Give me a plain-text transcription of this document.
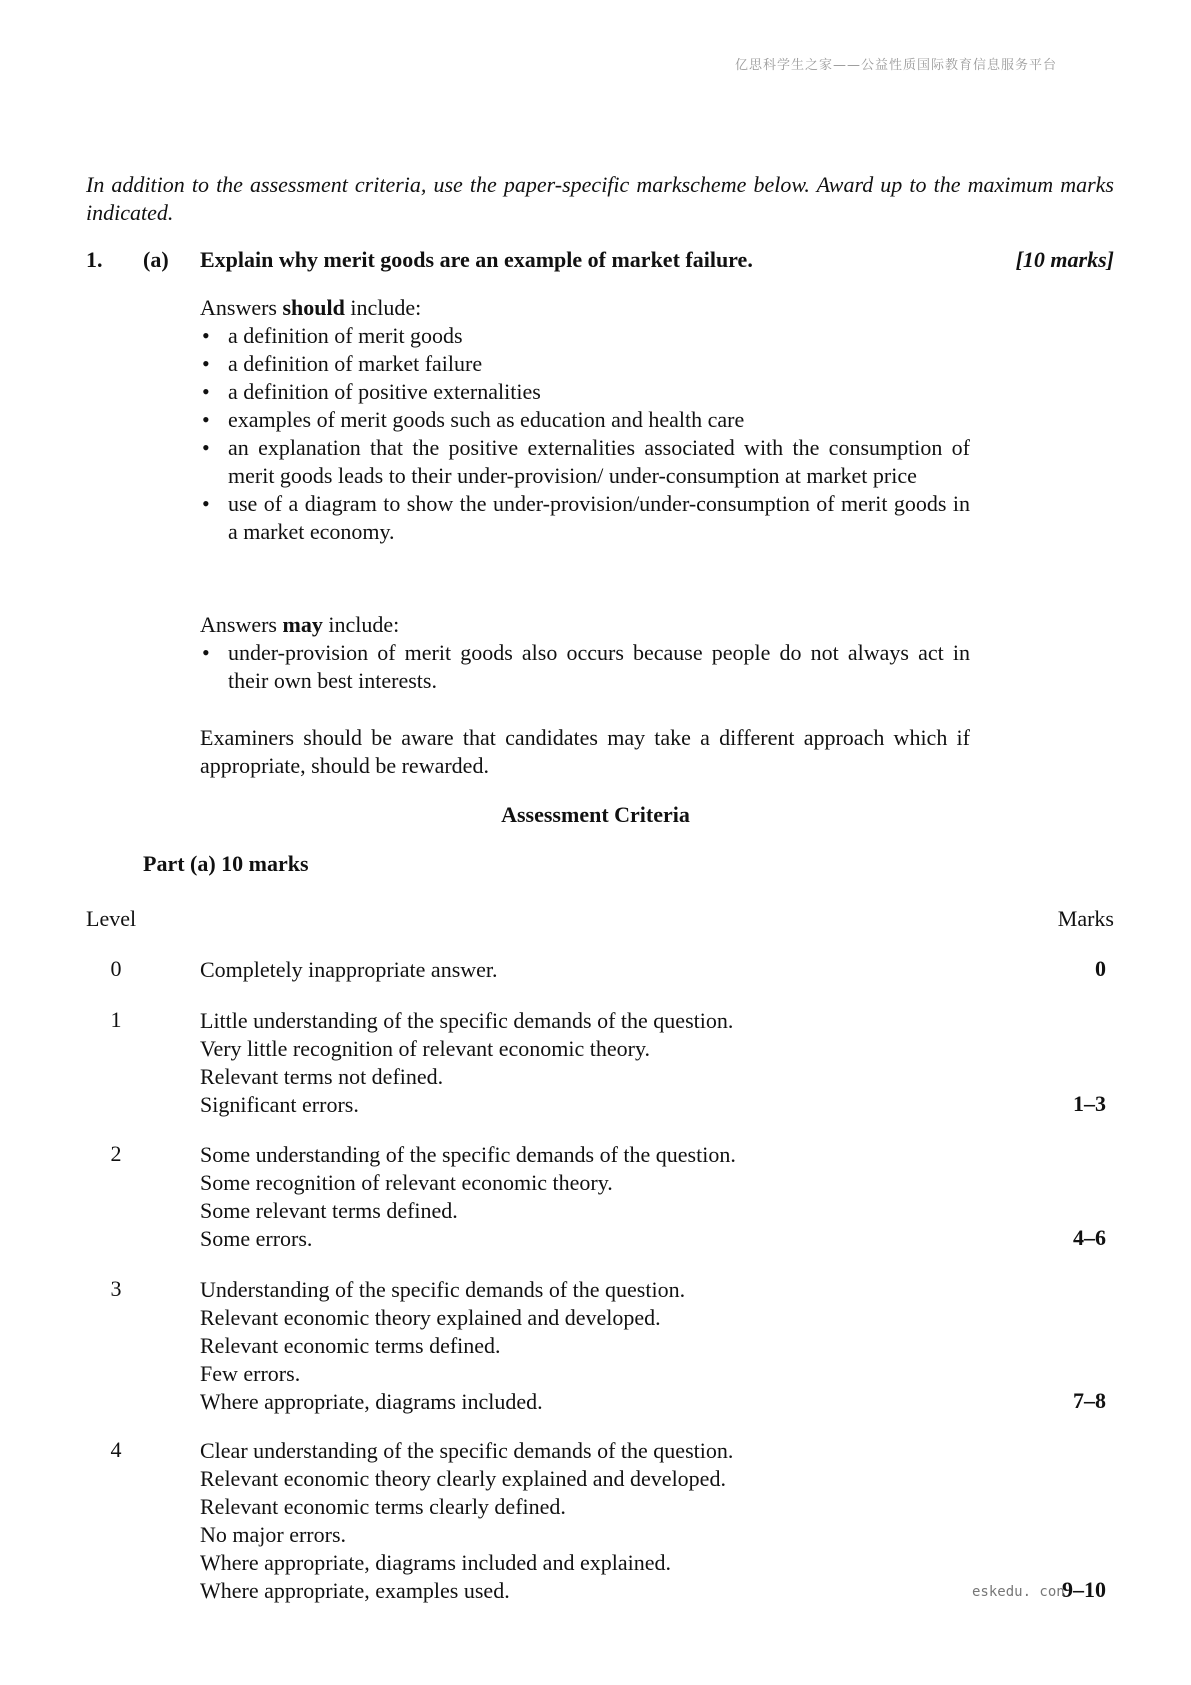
亿思科学生之家——公益性质国际教育信息服务平台
In addition to the assessment criteria, use the paper-specific markscheme below. Award up to the maximum marks indicated.
1. (a) Explain why merit goods are an example of market failure.	[10 marks]
Answers should include:
• a definition of merit goods
• a definition of market failure
• a definition of positive externalities
• examples of merit goods such as education and health care
• an explanation that the positive externalities associated with the consumption of merit goods leads to their under-provision/ under-consumption at market price
• use of a diagram to show the under-provision/under-consumption of merit goods in a market economy.
Answers may include:
• under-provision of merit goods also occurs because people do not always act in their own best interests.
Examiners should be aware that candidates may take a different approach which if appropriate, should be rewarded.
Assessment Criteria
Part (a) 10 marks
Level	Marks
0	Completely inappropriate answer.	0
1	Little understanding of the specific demands of the question.
Very little recognition of relevant economic theory.
Relevant terms not defined.
Significant errors.	1–3
2	Some understanding of the specific demands of the question.
Some recognition of relevant economic theory.
Some relevant terms defined.
Some errors.	4–6
3	Understanding of the specific demands of the question.
Relevant economic theory explained and developed.
Relevant economic terms defined.
Few errors.
Where appropriate, diagrams included.	7–8
4	Clear understanding of the specific demands of the question.
Relevant economic theory clearly explained and developed.
Relevant economic terms clearly defined.
No major errors.
Where appropriate, diagrams included and explained.
Where appropriate, examples used.	9–10
eskedu. con
